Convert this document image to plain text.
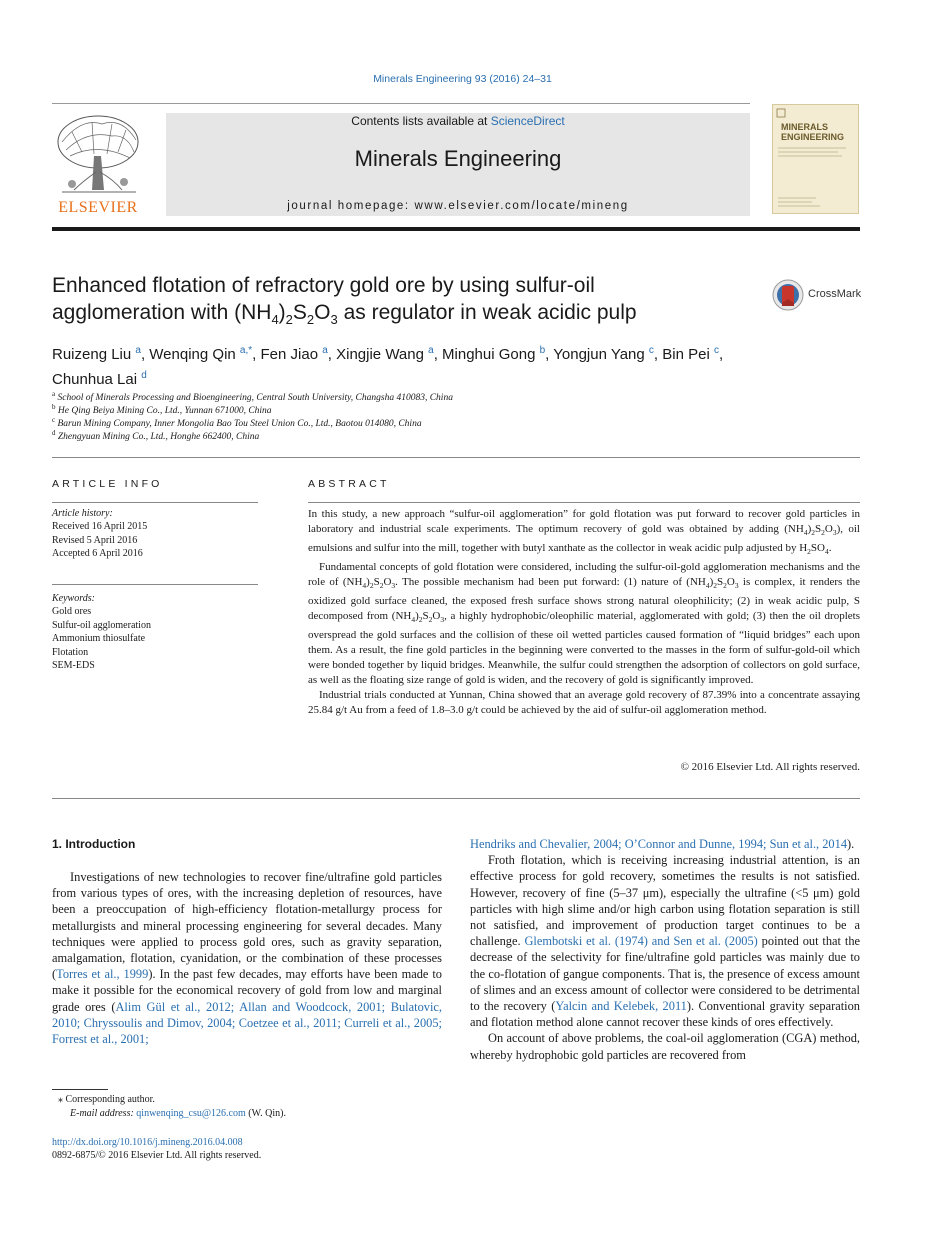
Minerals Engineering 93 (2016) 24–31
ELSEVIER
Contents lists available at ScienceDirect
Minerals Engineering
journal homepage: www.elsevier.com/locate/mineng
MINERALS ENGINEERING
Enhanced flotation of refractory gold ore by using sulfur-oil
agglomeration with $(NH_4)_2S_2O_3$ as regulator in weak acidic pulp
CrossMark
Ruizeng Liu $^a$, Wenqing Qin $^{a,*}$, Fen Jiao $^a$, Xingjie Wang $^a$, Minghui Gong $^b$, Yongjun Yang $^c$, Bin Pei $^c$,
Chunhua Lai $^d$
$^a$ School of Minerals Processing and Bioengineering, Central South University, Changsha 410083, China
$^b$ He Qing Beiya Mining Co., Ltd., Yunnan 671000, China
$^c$ Barun Mining Company, Inner Mongolia Bao Tou Steel Union Co., Ltd., Baotou 014080, China
$^d$ Zhengyuan Mining Co., Ltd., Honghe 662400, China
ARTICLE INFO
Article history:
Received 16 April 2015
Revised 5 April 2016
Accepted 6 April 2016
Keywords:
Gold ores
Sulfur-oil agglomeration
Ammonium thiosulfate
Flotation
SEM-EDS
ABSTRACT

In this study, a new approach “sulfur-oil agglomeration” for gold flotation was put forward to recover gold particles in laboratory and industrial scale experiments. The optimum recovery of gold was obtained by adding $(NH_4)_2S_2O_3$), oil emulsions and sulfur into the mill, together with butyl xanthate as the collector in weak acidic pulp adjusted by $H_2SO_4$.

Fundamental concepts of gold flotation were considered, including the sulfur-oil-gold agglomeration mechanisms and the role of $(NH_4)_2S_2O_3$. The possible mechanism had been put forward: (1) nature of $(NH_4)_2S_2O_3$ is complex, it renders the oxidized gold surface cleaned, the exposed fresh surface shows strong natural oleophilicity; (2) in weak acidic pulp, S decomposed from $(NH_4)_2S_2O_3$, a highly hydrophobic/oleophilic material, agglomerated with gold; (3) then the oil droplets overspread the gold surfaces and the collision of these oil wetted particles caused formation of “liquid bridges” each upon them. As a result, the fine gold particles in the beginning were converted to the masses in the form of sulfur-gold-oil which were bonded together by liquid bridges. Meanwhile, the sulfur could strengthen the adsorption of collectors on gold surface, as well as the floating size range of gold is widen, and the recovery of gold is significantly improved.

Industrial trials conducted at Yunnan, China showed that an average gold recovery of 87.39% into a concentrate assaying 25.84 g/t Au from a feed of 1.8–3.0 g/t could be achieved by the aid of sulfur-oil agglomeration method.

© 2016 Elsevier Ltd. All rights reserved.
1. Introduction

Investigations of new technologies to recover fine/ultrafine gold particles from various types of ores, with the increasing depletion of resources, have been a preoccupation of high-efficiency flotation-metallurgy process for metallurgists and mineral processing engineering for several decades. Many techniques were applied to process gold ores, such as gravity separation, amalgamation, flotation, cyanidation, or the combination of these processes (Torres et al., 1999). In the past few decades, may efforts have been made to make it possible for the economical recovery of gold from low and marginal grade ores (Alim Gül et al., 2012; Allan and Woodcock, 2001; Bulatovic, 2010; Chryssoulis and Dimov, 2004; Coetzee et al., 2011; Curreli et al., 2005; Forrest et al., 2001;

Hendriks and Chevalier, 2004; O’Connor and Dunne, 1994; Sun et al., 2014).

Froth flotation, which is receiving increasing industrial attention, is an effective process for gold recovery, sometimes the results is not satisfied. However, recovery of fine (5–37 μm), especially the ultrafine (<5 μm) gold particles with high slime and/or high carbon using flotation separation is still not satisfied, and improvement of production target continues to be a challenge. Glembotski et al. (1974) and Sen et al. (2005) pointed out that the decrease of the selectivity for fine/ultrafine gold particles was mainly due to the co-flotation of gangue components. That is, the presence of excess amount of slimes and an excess amount of collector were considered to be detrimental to the recovery (Yalcin and Kelebek, 2011). Conventional gravity separation and flotation method alone cannot recover these kinds of ores effectively.

On account of above problems, the coal-oil agglomeration (CGA) method, whereby hydrophobic gold particles are recovered from

⁎ Corresponding author.
E-mail address: qinwenqing_csu@126.com (W. Qin).
http://dx.doi.org/10.1016/j.mineng.2016.04.008
0892-6875/© 2016 Elsevier Ltd. All rights reserved.
